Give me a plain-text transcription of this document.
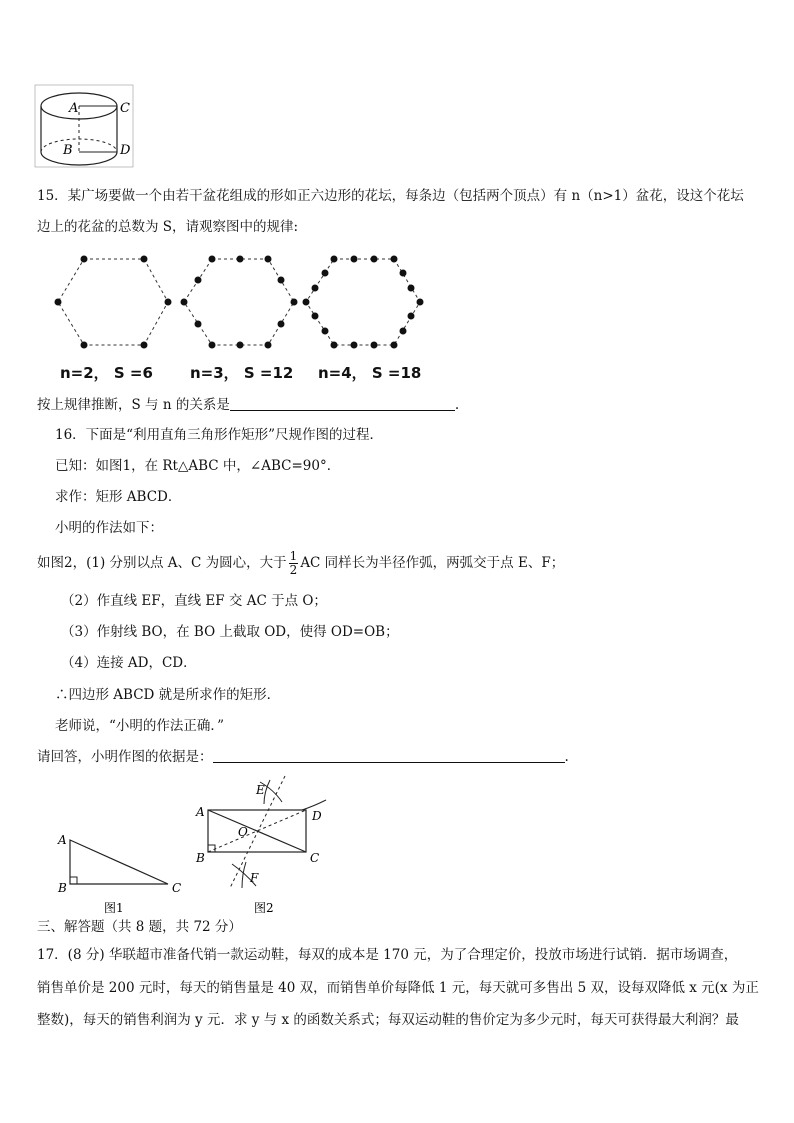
A	C
B	D
15．某广场要做一个由若干盆花组成的形如正六边形的花坛，每条边（包括两个顶点）有 n（n>1）盆花，设这个花坛
边上的花盆的总数为 S，请观察图中的规律:
n=2， S =6 n=3， S =12 n=4， S =18
按上规律推断，S 与 n 的关系是	.
16．下面是“利用直角三角形作矩形”尺规作图的过程．
已知：如图1，在 Rt△ABC 中，∠ABC=90°．
求作：矩形 ABCD．
小明的作法如下：
如图2，(1) 分别以点 A、C 为圆心，大于 $\frac{1}{2}$ AC 同样长为半径作弧，两弧交于点 E、F；
（2）作直线 EF，直线 EF 交 AC 于点 O；
（3）作射线 BO，在 BO 上截取 OD，使得 OD=OB；
（4）连接 AD，CD．
∴四边形 ABCD 就是所求作的矩形．
老师说，“小明的作法正确．”
请回答，小明作图的依据是：	.
A
B	C
图1
A
B	C
D
E
F
O
图2
三、解答题（共 8 题，共 72 分）
17．(8 分) 华联超市准备代销一款运动鞋，每双的成本是 170 元，为了合理定价，投放市场进行试销．据市场调查，
销售单价是 200 元时，每天的销售量是 40 双，而销售单价每降低 1 元，每天就可多售出 5 双，设每双降低 x 元(x 为正
整数)，每天的销售利润为 y 元．求 y 与 x 的函数关系式；每双运动鞋的售价定为多少元时，每天可获得最大利润？最
